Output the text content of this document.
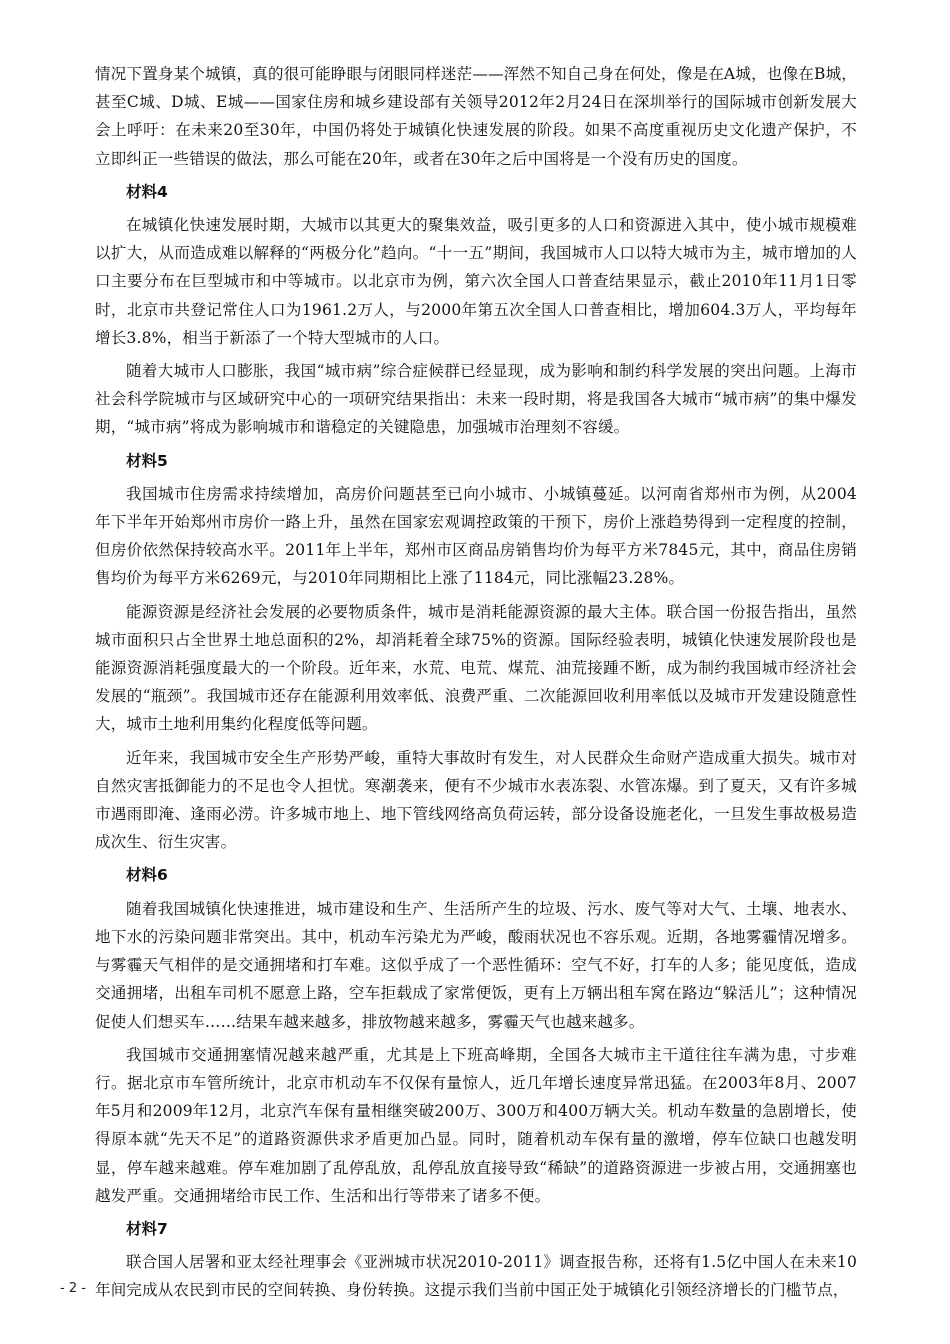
情况下置身某个城镇，真的很可能睁眼与闭眼同样迷茫——浑然不知自己身在何处，像是在A城，也像在B城，甚至C城、D城、E城——国家住房和城乡建设部有关领导2012年2月24日在深圳举行的国际城市创新发展大会上呼吁：在未来20至30年，中国仍将处于城镇化快速发展的阶段。如果不高度重视历史文化遗产保护，不立即纠正一些错误的做法，那么可能在20年，或者在30年之后中国将是一个没有历史的国度。

材料4

在城镇化快速发展时期，大城市以其更大的聚集效益，吸引更多的人口和资源进入其中，使小城市规模难以扩大，从而造成难以解释的“两极分化”趋向。“十一五”期间，我国城市人口以特大城市为主，城市增加的人口主要分布在巨型城市和中等城市。以北京市为例，第六次全国人口普查结果显示，截止2010年11月1日零时，北京市共登记常住人口为1961.2万人，与2000年第五次全国人口普查相比，增加604.3万人，平均每年增长3.8%，相当于新添了一个特大型城市的人口。

随着大城市人口膨胀，我国“城市病”综合症候群已经显现，成为影响和制约科学发展的突出问题。上海市社会科学院城市与区域研究中心的一项研究结果指出：未来一段时期，将是我国各大城市“城市病”的集中爆发期，“城市病”将成为影响城市和谐稳定的关键隐患，加强城市治理刻不容缓。

材料5

我国城市住房需求持续增加，高房价问题甚至已向小城市、小城镇蔓延。以河南省郑州市为例，从2004年下半年开始郑州市房价一路上升，虽然在国家宏观调控政策的干预下，房价上涨趋势得到一定程度的控制，但房价依然保持较高水平。2011年上半年，郑州市区商品房销售均价为每平方米7845元，其中，商品住房销售均价为每平方米6269元，与2010年同期相比上涨了1184元，同比涨幅23.28%。

能源资源是经济社会发展的必要物质条件，城市是消耗能源资源的最大主体。联合国一份报告指出，虽然城市面积只占全世界土地总面积的2%，却消耗着全球75%的资源。国际经验表明，城镇化快速发展阶段也是能源资源消耗强度最大的一个阶段。近年来，水荒、电荒、煤荒、油荒接踵不断，成为制约我国城市经济社会发展的“瓶颈”。我国城市还存在能源利用效率低、浪费严重、二次能源回收利用率低以及城市开发建设随意性大，城市土地利用集约化程度低等问题。

近年来，我国城市安全生产形势严峻，重特大事故时有发生，对人民群众生命财产造成重大损失。城市对自然灾害抵御能力的不足也令人担忧。寒潮袭来，便有不少城市水表冻裂、水管冻爆。到了夏天，又有许多城市遇雨即淹、逢雨必涝。许多城市地上、地下管线网络高负荷运转，部分设备设施老化，一旦发生事故极易造成次生、衍生灾害。

材料6

随着我国城镇化快速推进，城市建设和生产、生活所产生的垃圾、污水、废气等对大气、土壤、地表水、地下水的污染问题非常突出。其中，机动车污染尤为严峻，酸雨状况也不容乐观。近期，各地雾霾情况增多。与雾霾天气相伴的是交通拥堵和打车难。这似乎成了一个恶性循环：空气不好，打车的人多；能见度低，造成交通拥堵，出租车司机不愿意上路，空车拒载成了家常便饭，更有上万辆出租车窝在路边“躲活儿”；这种情况促使人们想买车……结果车越来越多，排放物越来越多，雾霾天气也越来越多。

我国城市交通拥塞情况越来越严重，尤其是上下班高峰期，全国各大城市主干道往往车满为患，寸步难行。据北京市车管所统计，北京市机动车不仅保有量惊人，近几年增长速度异常迅猛。在2003年8月、2007年5月和2009年12月，北京汽车保有量相继突破200万、300万和400万辆大关。机动车数量的急剧增长，使得原本就“先天不足”的道路资源供求矛盾更加凸显。同时，随着机动车保有量的激增，停车位缺口也越发明显，停车越来越难。停车难加剧了乱停乱放，乱停乱放直接导致“稀缺”的道路资源进一步被占用，交通拥塞也越发严重。交通拥堵给市民工作、生活和出行等带来了诸多不便。

材料7

联合国人居署和亚太经社理事会《亚洲城市状况2010-2011》调查报告称，还将有1.5亿中国人在未来10年间完成从农民到市民的空间转换、身份转换。这提示我们当前中国正处于城镇化引领经济增长的门槛节点，

- 2 -
